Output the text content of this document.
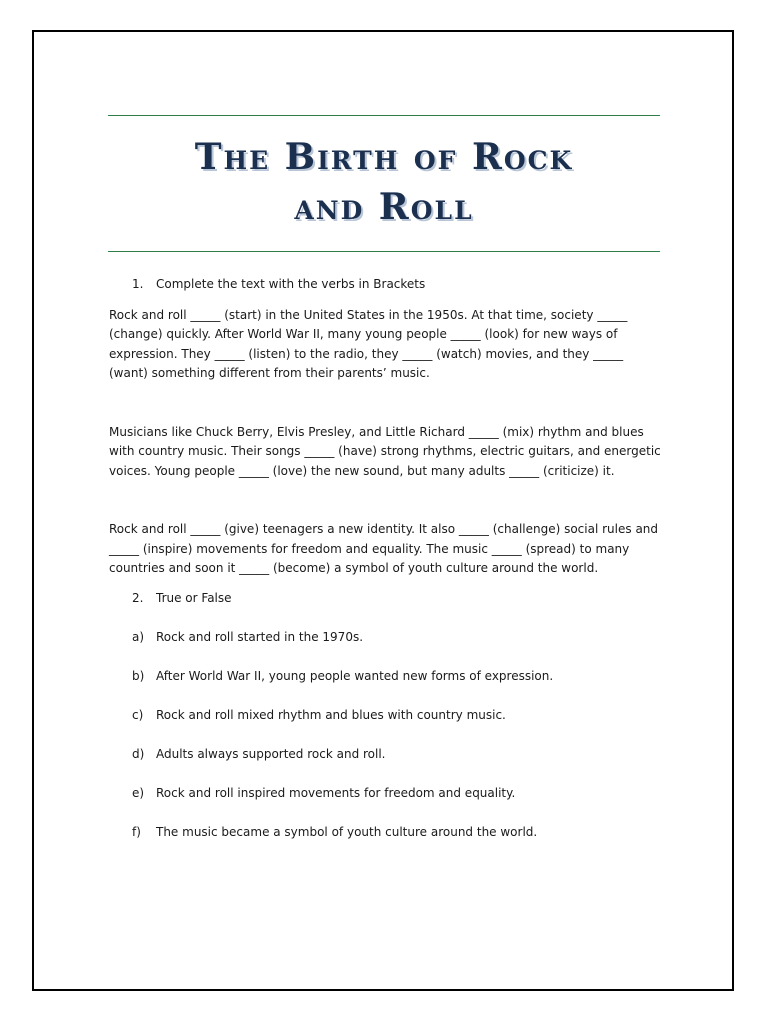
The Birth of Rock
and Roll
1.	Complete the text with the verbs in Brackets

Rock and roll _____ (start) in the United States in the 1950s. At that time, society _____ (change) quickly. After World War II, many young people _____ (look) for new ways of expression. They _____ (listen) to the radio, they _____ (watch) movies, and they _____ (want) something different from their parents’ music.

Musicians like Chuck Berry, Elvis Presley, and Little Richard _____ (mix) rhythm and blues with country music. Their songs _____ (have) strong rhythms, electric guitars, and energetic voices. Young people _____ (love) the new sound, but many adults _____ (criticize) it.

Rock and roll _____ (give) teenagers a new identity. It also _____ (challenge) social rules and _____ (inspire) movements for freedom and equality. The music _____ (spread) to many countries and soon it _____ (become) a symbol of youth culture around the world.

2.	True or False
a) Rock and roll started in the 1970s.
b) After World War II, young people wanted new forms of expression.
c)	Rock and roll mixed rhythm and blues with country music.
d) Adults always supported rock and roll.
e) Rock and roll inspired movements for freedom and equality.
f)	The music became a symbol of youth culture around the world.
